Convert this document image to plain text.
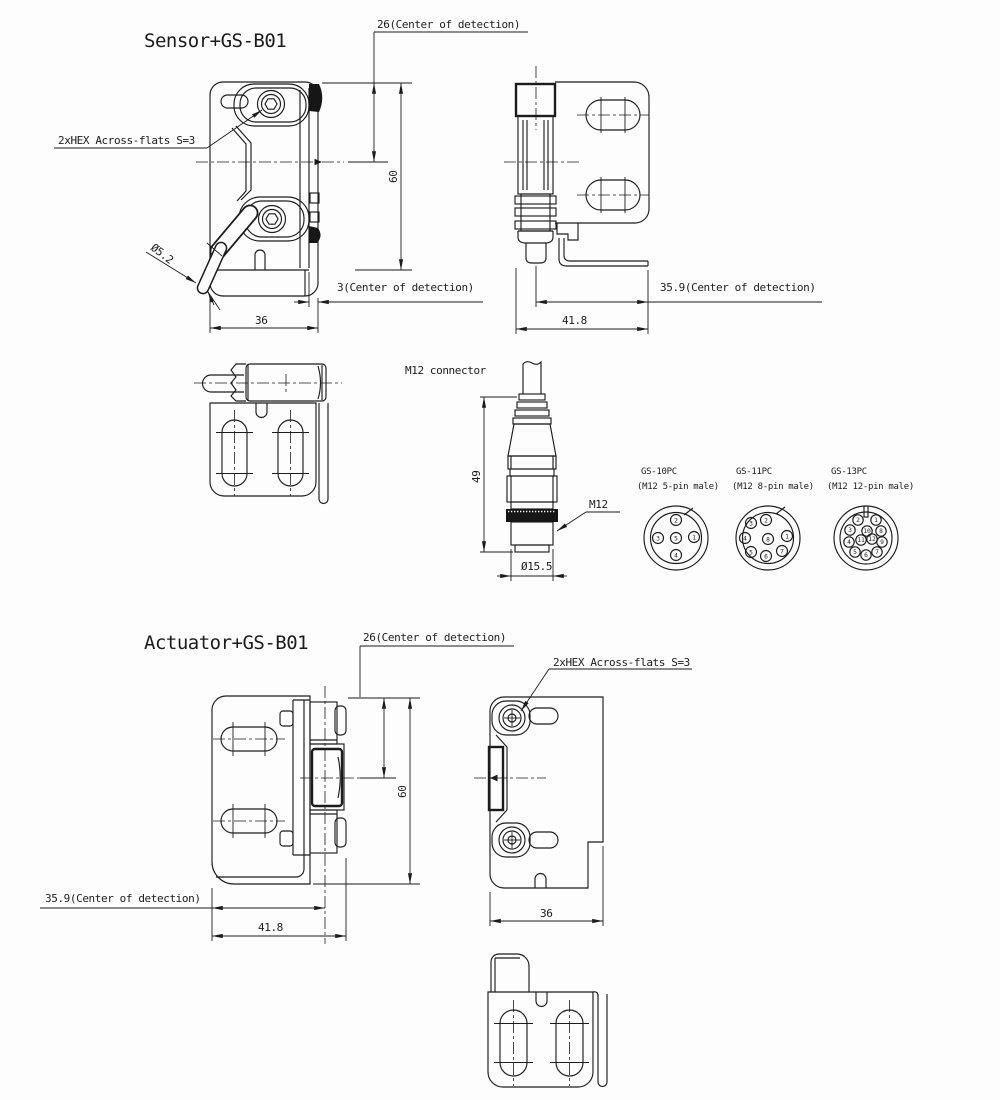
Sensor+GS-B01
2xHEX Across-flats S=3
26(Center of detection)
60
Ø5.2
3(Center of detection)
36
35.9(Center of detection)
41.8
M12 connector
49
M12
Ø15.5
GS-10PC
(M12 5-pin male)
2
3 5 1
4
GS-11PC
(M12 8-pin male)
2
3
4
5
6
7
1
8
GS-13PC
(M12 12-pin male)
1
8
9
7
6
5
4
3
2
10
11 12
Actuator+GS-B01	26(Center of detection)
60
35.9(Center of detection)
41.8
2xHEX Across-flats S=3
36
